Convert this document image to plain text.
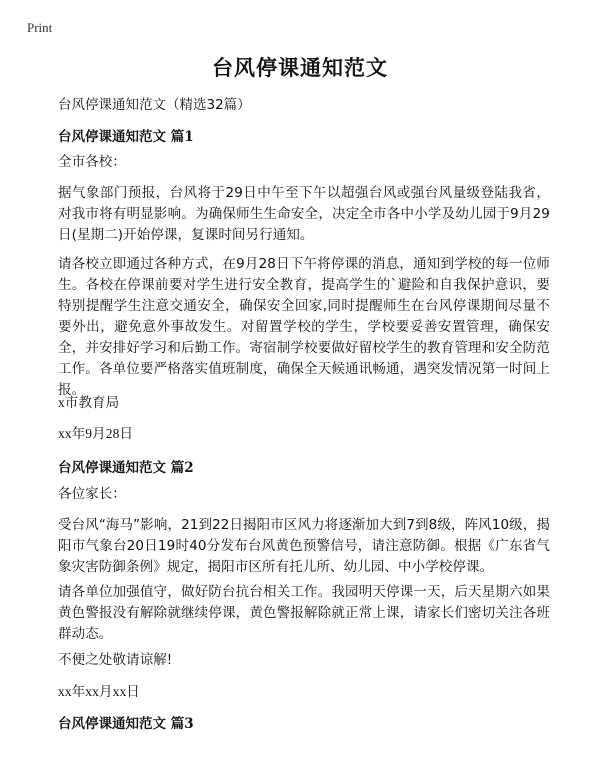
Print
台风停课通知范文

台风停课通知范文（精选32篇）

台风停课通知范文 篇1

全市各校：

据气象部门预报，台风将于29日中午至下午以超强台风或强台风量级登陆我省，对我市将有明显影响。为确保师生生命安全，决定全市各中小学及幼儿园于9月29日(星期二)开始停课，复课时间另行通知。

请各校立即通过各种方式，在9月28日下午将停课的消息，通知到学校的每一位师生。各校在停课前要对学生进行安全教育，提高学生的`避险和自我保护意识，要特别提醒学生注意交通安全，确保安全回家,同时提醒师生在台风停课期间尽量不要外出，避免意外事故发生。对留置学校的学生，学校要妥善安置管理，确保安全，并安排好学习和后勤工作。寄宿制学校要做好留校学生的教育管理和安全防范工作。各单位要严格落实值班制度，确保全天候通讯畅通，遇突发情况第一时间上报。

x市教育局

xx年9月28日

台风停课通知范文 篇2

各位家长：

受台风“海马”影响，21到22日揭阳市区风力将逐渐加大到7到8级，阵风10级，揭阳市气象台20日19时40分发布台风黄色预警信号，请注意防御。根据《广东省气象灾害防御条例》规定，揭阳市区所有托儿所、幼儿园、中小学校停课。

请各单位加强值守，做好防台抗台相关工作。我园明天停课一天，后天星期六如果黄色警报没有解除就继续停课，黄色警报解除就正常上课，请家长们密切关注各班群动态。

不便之处敬请谅解!

xx年xx月xx日

台风停课通知范文 篇3
